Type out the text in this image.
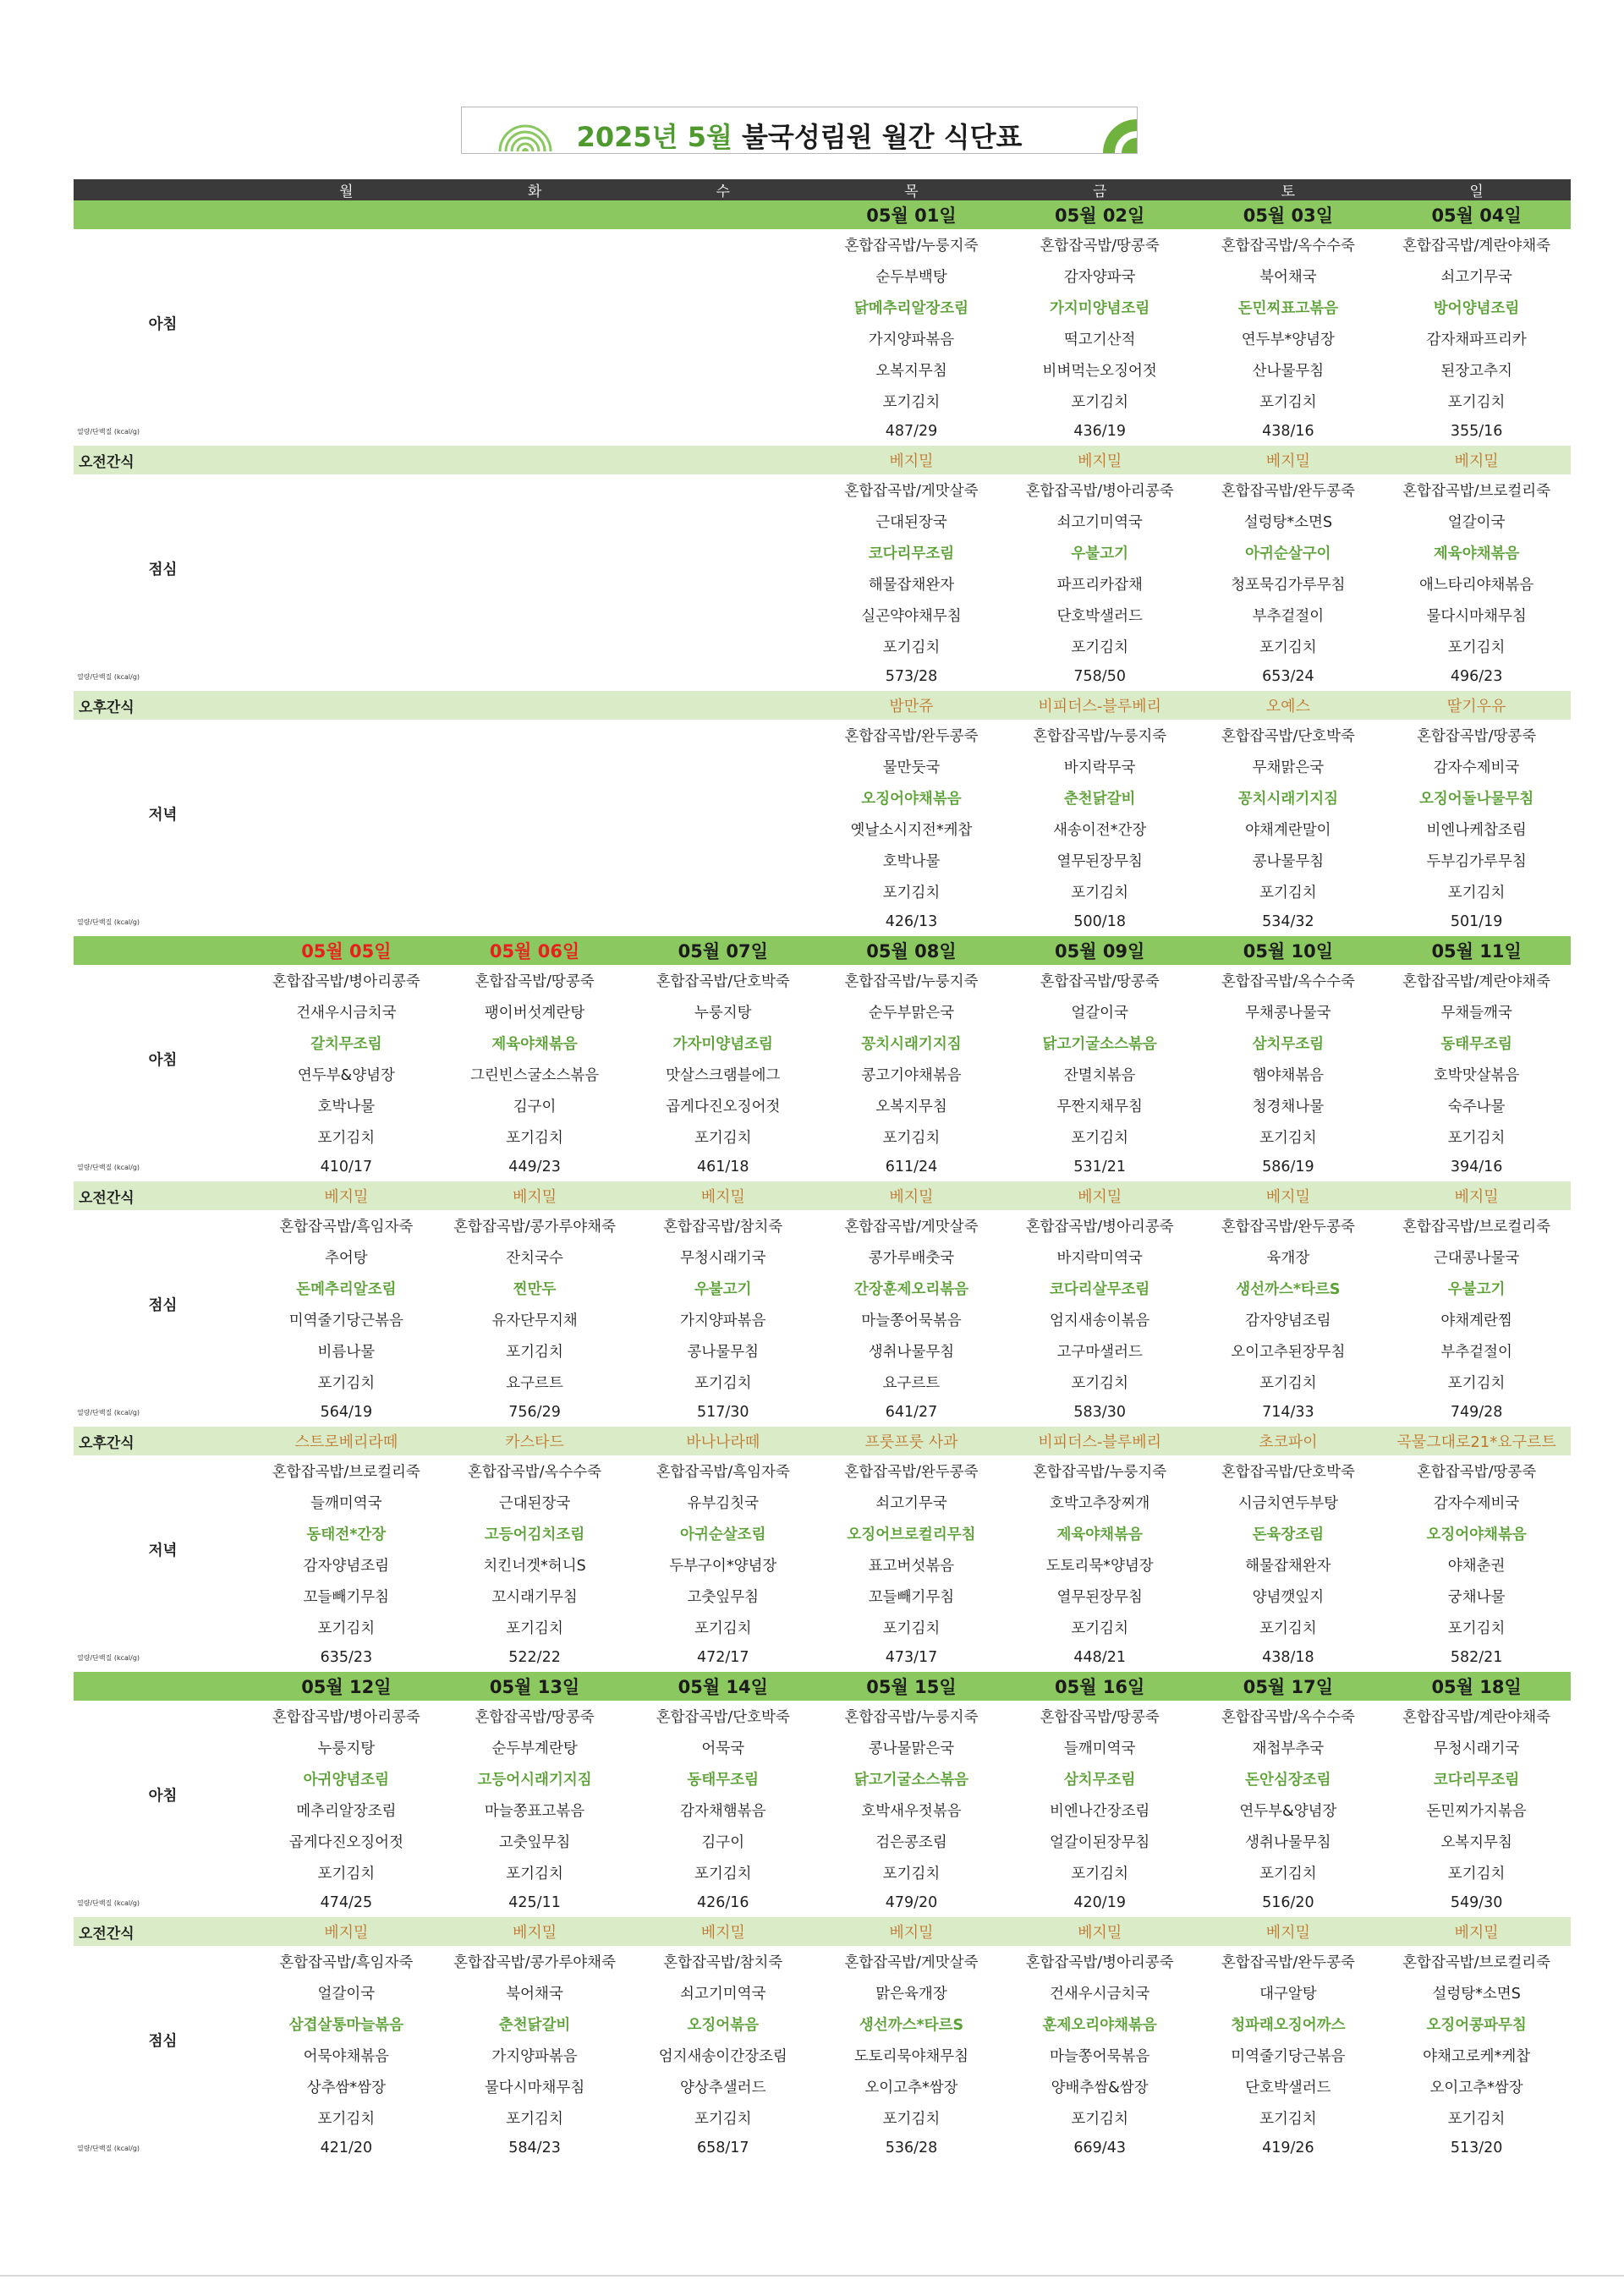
2025년 5월 불국성림원 월간 식단표
	월	화	수	목	금	토	일
				05월 01일	05월 02일	05월 03일	05월 04일
아침				혼합잡곡밥/누룽지죽	혼합잡곡밥/땅콩죽	혼합잡곡밥/옥수수죽	혼합잡곡밥/계란야채죽
				순두부백탕	감자양파국	북어채국	쇠고기무국
				닭메추리알장조림	가지미양념조림	돈민찌표고볶음	방어양념조림
				가지양파볶음	떡고기산적	연두부*양념장	감자채파프리카
				오복지무침	비벼먹는오징어젓	산나물무침	된장고추지
				포기김치	포기김치	포기김치	포기김치
열량/단백질 (kcal/g)				487/29	436/19	438/16	355/16
오전간식				베지밀	베지밀	베지밀	베지밀
점심				혼합잡곡밥/게맛살죽	혼합잡곡밥/병아리콩죽	혼합잡곡밥/완두콩죽	혼합잡곡밥/브로컬리죽
				근대된장국	쇠고기미역국	설렁탕*소면S	얼갈이국
				코다리무조림	우불고기	아귀순살구이	제육야채볶음
				해물잡채완자	파프리카잡채	청포묵김가루무침	애느타리야채볶음
				실곤약야채무침	단호박샐러드	부추겉절이	물다시마채무침
				포기김치	포기김치	포기김치	포기김치
열량/단백질 (kcal/g)				573/28	758/50	653/24	496/23
오후간식				밤만쥬	비피더스-블루베리	오예스	딸기우유
저녁				혼합잡곡밥/완두콩죽	혼합잡곡밥/누룽지죽	혼합잡곡밥/단호박죽	혼합잡곡밥/땅콩죽
				물만둣국	바지락무국	무채맑은국	감자수제비국
				오징어야채볶음	춘천닭갈비	꽁치시래기지짐	오징어돌나물무침
				옛날소시지전*케찹	새송이전*간장	야채계란말이	비엔나케찹조림
				호박나물	열무된장무침	콩나물무침	두부김가루무침
				포기김치	포기김치	포기김치	포기김치
열량/단백질 (kcal/g)				426/13	500/18	534/32	501/19
	05월 05일	05월 06일	05월 07일	05월 08일	05월 09일	05월 10일	05월 11일
아침	혼합잡곡밥/병아리콩죽	혼합잡곡밥/땅콩죽	혼합잡곡밥/단호박죽	혼합잡곡밥/누룽지죽	혼합잡곡밥/땅콩죽	혼합잡곡밥/옥수수죽	혼합잡곡밥/계란야채죽
	건새우시금치국	팽이버섯계란탕	누룽지탕	순두부맑은국	얼갈이국	무채콩나물국	무채들깨국
	갈치무조림	제육야채볶음	가자미양념조림	꽁치시래기지짐	닭고기굴소스볶음	삼치무조림	동태무조림
	연두부&양념장	그린빈스굴소스볶음	맛살스크램블에그	콩고기야채볶음	잔멸치볶음	햄야채볶음	호박맛살볶음
	호박나물	김구이	곱게다진오징어젓	오복지무침	무짠지채무침	청경채나물	숙주나물
	포기김치	포기김치	포기김치	포기김치	포기김치	포기김치	포기김치
열량/단백질 (kcal/g)	410/17	449/23	461/18	611/24	531/21	586/19	394/16
오전간식	베지밀	베지밀	베지밀	베지밀	베지밀	베지밀	베지밀
점심	혼합잡곡밥/흑임자죽	혼합잡곡밥/콩가루야채죽	혼합잡곡밥/참치죽	혼합잡곡밥/게맛살죽	혼합잡곡밥/병아리콩죽	혼합잡곡밥/완두콩죽	혼합잡곡밥/브로컬리죽
	추어탕	잔치국수	무청시래기국	콩가루배춧국	바지락미역국	육개장	근대콩나물국
	돈메추리알조림	찐만두	우불고기	간장훈제오리볶음	코다리살무조림	생선까스*타르S	우불고기
	미역줄기당근볶음	유자단무지채	가지양파볶음	마늘쫑어묵볶음	엄지새송이볶음	감자양념조림	야채계란찜
	비름나물	포기김치	콩나물무침	생취나물무침	고구마샐러드	오이고추된장무침	부추겉절이
	포기김치	요구르트	포기김치	요구르트	포기김치	포기김치	포기김치
열량/단백질 (kcal/g)	564/19	756/29	517/30	641/27	583/30	714/33	749/28
오후간식	스트로베리라떼	카스타드	바나나라떼	프룻프룻 사과	비피더스-블루베리	초코파이	곡물그대로21*요구르트
저녁	혼합잡곡밥/브로컬리죽	혼합잡곡밥/옥수수죽	혼합잡곡밥/흑임자죽	혼합잡곡밥/완두콩죽	혼합잡곡밥/누룽지죽	혼합잡곡밥/단호박죽	혼합잡곡밥/땅콩죽
	들깨미역국	근대된장국	유부김칫국	쇠고기무국	호박고추장찌개	시금치연두부탕	감자수제비국
	동태전*간장	고등어김치조림	아귀순살조림	오징어브로컬리무침	제육야채볶음	돈육장조림	오징어야채볶음
	감자양념조림	치킨너겟*허니S	두부구이*양념장	표고버섯볶음	도토리묵*양념장	해물잡채완자	야채춘권
	꼬들빼기무침	꼬시래기무침	고춧잎무침	꼬들빼기무침	열무된장무침	양념깻잎지	궁채나물
	포기김치	포기김치	포기김치	포기김치	포기김치	포기김치	포기김치
열량/단백질 (kcal/g)	635/23	522/22	472/17	473/17	448/21	438/18	582/21
	05월 12일	05월 13일	05월 14일	05월 15일	05월 16일	05월 17일	05월 18일
아침	혼합잡곡밥/병아리콩죽	혼합잡곡밥/땅콩죽	혼합잡곡밥/단호박죽	혼합잡곡밥/누룽지죽	혼합잡곡밥/땅콩죽	혼합잡곡밥/옥수수죽	혼합잡곡밥/계란야채죽
	누룽지탕	순두부계란탕	어묵국	콩나물맑은국	들깨미역국	재첩부추국	무청시래기국
	아귀양념조림	고등어시래기지짐	동태무조림	닭고기굴소스볶음	삼치무조림	돈안심장조림	코다리무조림
	메추리알장조림	마늘쫑표고볶음	감자채햄볶음	호박새우젓볶음	비엔나간장조림	연두부&양념장	돈민찌가지볶음
	곱게다진오징어젓	고춧잎무침	김구이	검은콩조림	얼갈이된장무침	생취나물무침	오복지무침
	포기김치	포기김치	포기김치	포기김치	포기김치	포기김치	포기김치
열량/단백질 (kcal/g)	474/25	425/11	426/16	479/20	420/19	516/20	549/30
오전간식	베지밀	베지밀	베지밀	베지밀	베지밀	베지밀	베지밀
점심	혼합잡곡밥/흑임자죽	혼합잡곡밥/콩가루야채죽	혼합잡곡밥/참치죽	혼합잡곡밥/게맛살죽	혼합잡곡밥/병아리콩죽	혼합잡곡밥/완두콩죽	혼합잡곡밥/브로컬리죽
	얼갈이국	북어채국	쇠고기미역국	맑은육개장	건새우시금치국	대구알탕	설렁탕*소면S
	삼겹살통마늘볶음	춘천닭갈비	오징어볶음	생선까스*타르S	훈제오리야채볶음	청파래오징어까스	오징어콩파무침
	어묵야채볶음	가지양파볶음	엄지새송이간장조림	도토리묵야채무침	마늘쫑어묵볶음	미역줄기당근볶음	야채고로케*케찹
	상추쌈*쌈장	물다시마채무침	양상추샐러드	오이고추*쌈장	양배추쌈&쌈장	단호박샐러드	오이고추*쌈장
	포기김치	포기김치	포기김치	포기김치	포기김치	포기김치	포기김치
열량/단백질 (kcal/g)	421/20	584/23	658/17	536/28	669/43	419/26	513/20
